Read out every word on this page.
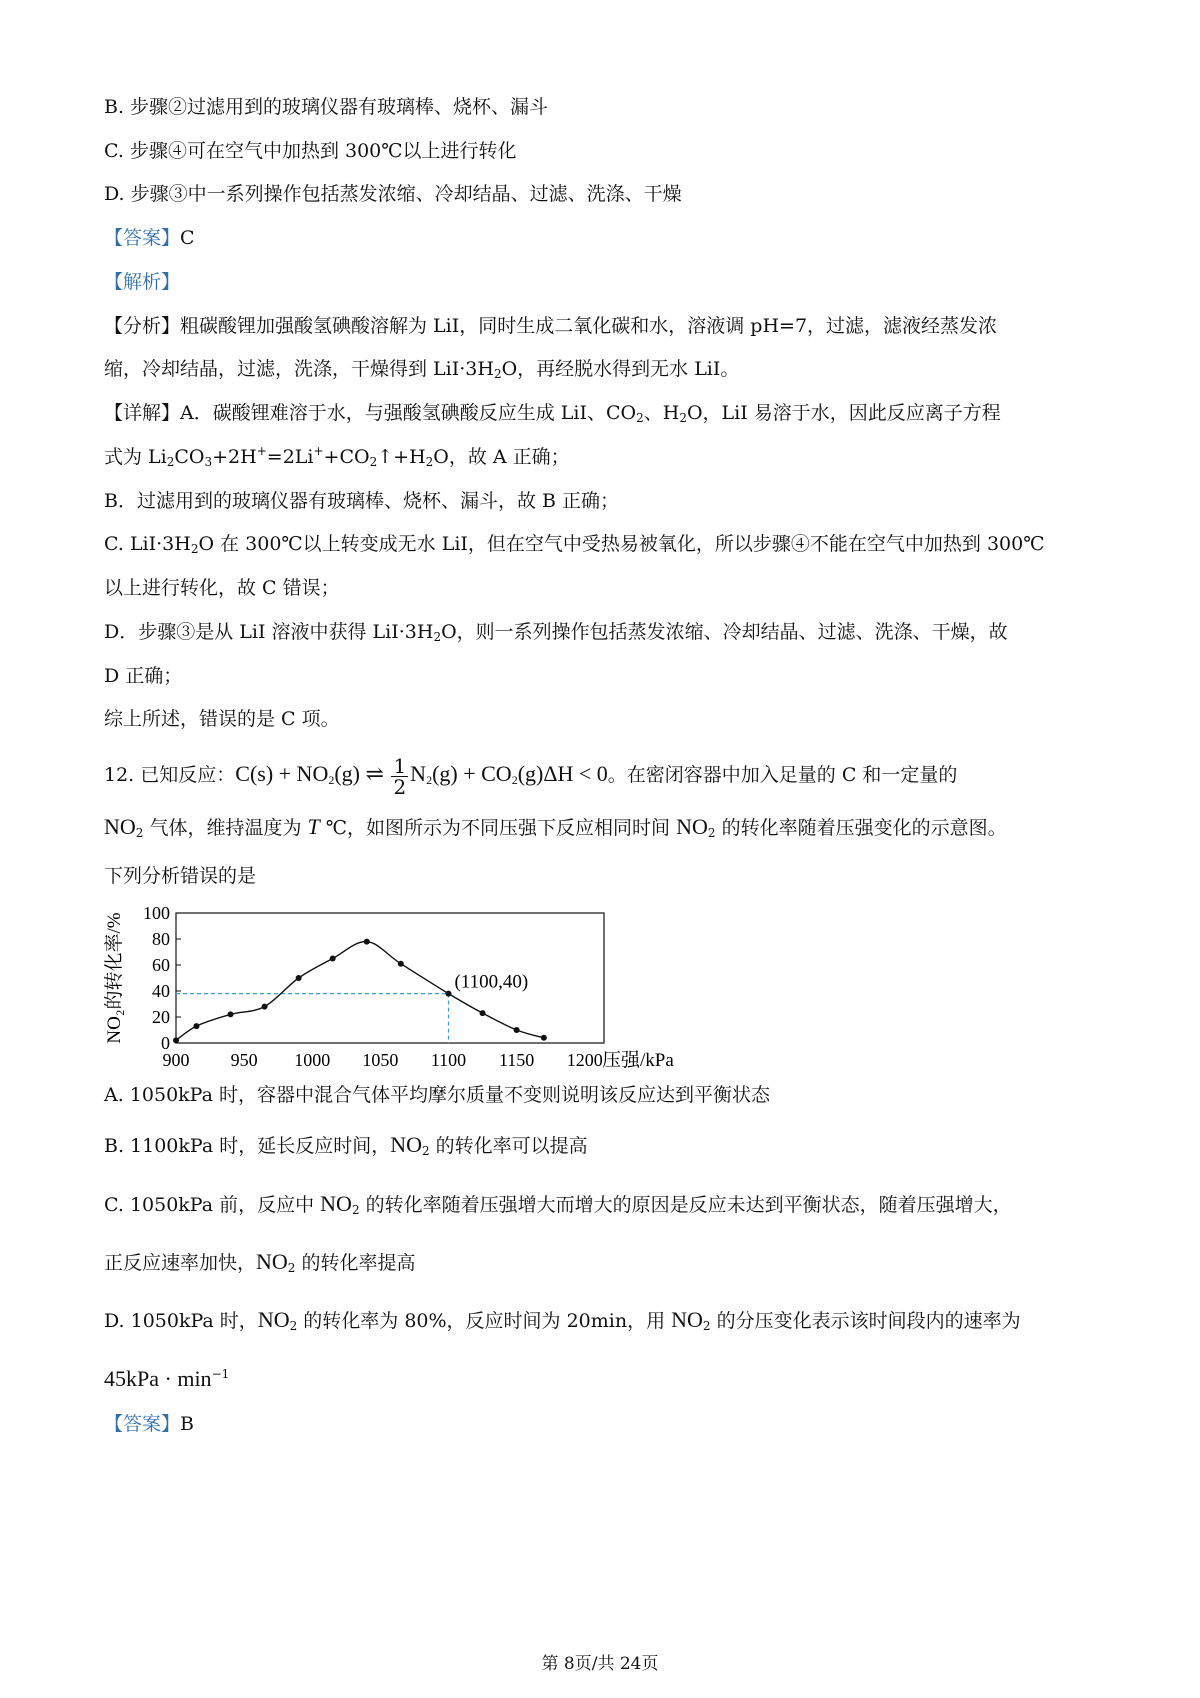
B. 步骤②过滤用到的玻璃仪器有玻璃棒、烧杯、漏斗
C. 步骤④可在空气中加热到 300℃以上进行转化
D. 步骤③中一系列操作包括蒸发浓缩、冷却结晶、过滤、洗涤、干燥
【答案】C
【解析】
【分析】粗碳酸锂加强酸氢碘酸溶解为 LiI，同时生成二氧化碳和水，溶液调 pH=7，过滤，滤液经蒸发浓
缩，冷却结晶，过滤，洗涤，干燥得到 $LiI\cdot 3H_2O$，再经脱水得到无水 LiI。
【详解】A．碳酸锂难溶于水，与强酸氢碘酸反应生成 LiI、$CO_2$、$H_2O$，LiI 易溶于水，因此反应离子方程
式为 $Li_2CO_3+2H^+=2Li^++CO_2↑+H_2O$，故 A 正确；
B．过滤用到的玻璃仪器有玻璃棒、烧杯、漏斗，故 B 正确；
C. $LiI\cdot 3H_2O$ 在 300℃以上转变成无水 LiI，但在空气中受热易被氧化，所以步骤④不能在空气中加热到 300℃
以上进行转化，故 C 错误；
D．步骤③是从 LiI 溶液中获得 $LiI\cdot 3H_2O$，则一系列操作包括蒸发浓缩、冷却结晶、过滤、洗涤、干燥，故
D 正确；
综上所述，错误的是 C 项。
12. 已知反应：$C(s) + NO_2(g)$ ⇌ $\frac{1}{2} N_2(g) + CO_2(g)\Delta H < 0$。在密闭容器中加入足量的 C 和一定量的
$NO_2$ 气体，维持温度为 T ℃，如图所示为不同压强下反应相同时间 $NO_2$ 的转化率随着压强变化的示意图。
下列分析错误的是
0
20
40
60
80
100
900 950 1000 1050 1100 1150 1200
(1100,40)
压强/kPa
NO₂的转化率/%
A. 1050kPa 时，容器中混合气体平均摩尔质量不变则说明该反应达到平衡状态
B. 1100kPa 时，延长反应时间，$NO_2$ 的转化率可以提高
C. 1050kPa 前，反应中 $NO_2$ 的转化率随着压强增大而增大的原因是反应未达到平衡状态，随着压强增大，
正反应速率加快，$NO_2$ 的转化率提高
D. 1050kPa 时，$NO_2$ 的转化率为 80%，反应时间为 20min，用 $NO_2$ 的分压变化表示该时间段内的速率为
$45kPa \cdot \min^{-1}$
【答案】B
第 8页/共 24页
